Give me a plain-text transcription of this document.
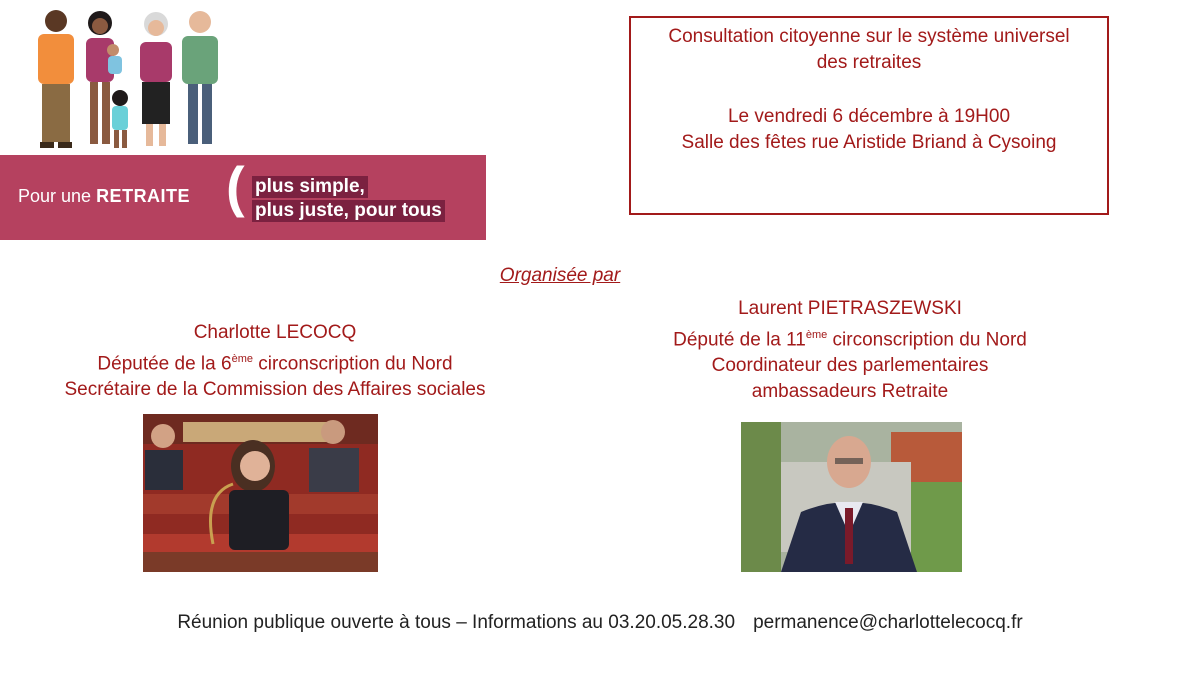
Pour une RETRAITE ( plus simple,
plus juste, pour tous
Consultation citoyenne sur le système universel
des retraites
Le vendredi 6 décembre à 19H00
Salle des fêtes rue Aristide Briand à Cysoing
Organisée par
Charlotte LECOCQ
Députée de la 6ème circonscription du Nord
Secrétaire de la Commission des Affaires sociales
Laurent PIETRASZEWSKI
Député de la 11ème circonscription du Nord
Coordinateur des parlementaires
ambassadeurs Retraite
Réunion publique ouverte à tous – Informations au 03.20.05.28.30 permanence@charlottelecocq.fr
